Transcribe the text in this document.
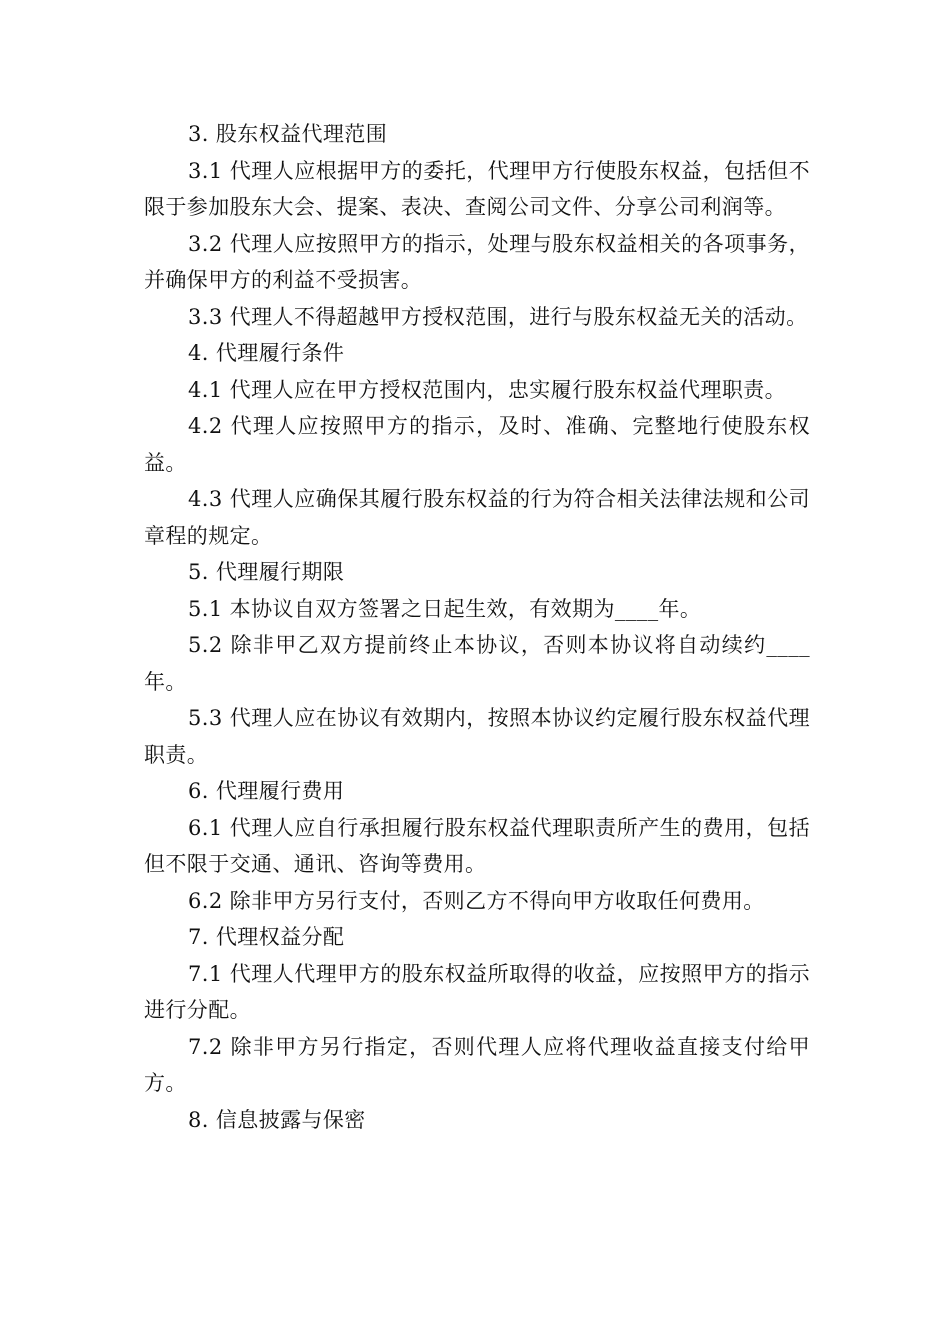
3. 股东权益代理范围

3.1 代理人应根据甲方的委托，代理甲方行使股东权益，包括但不限于参加股东大会、提案、表决、查阅公司文件、分享公司利润等。

3.2 代理人应按照甲方的指示，处理与股东权益相关的各项事务，并确保甲方的利益不受损害。

3.3 代理人不得超越甲方授权范围，进行与股东权益无关的活动。

4. 代理履行条件

4.1 代理人应在甲方授权范围内，忠实履行股东权益代理职责。

4.2 代理人应按照甲方的指示，及时、准确、完整地行使股东权益。

4.3 代理人应确保其履行股东权益的行为符合相关法律法规和公司章程的规定。

5. 代理履行期限

5.1 本协议自双方签署之日起生效，有效期为____年。

5.2 除非甲乙双方提前终止本协议，否则本协议将自动续约____年。

5.3 代理人应在协议有效期内，按照本协议约定履行股东权益代理职责。

6. 代理履行费用

6.1 代理人应自行承担履行股东权益代理职责所产生的费用，包括但不限于交通、通讯、咨询等费用。

6.2 除非甲方另行支付，否则乙方不得向甲方收取任何费用。

7. 代理权益分配

7.1 代理人代理甲方的股东权益所取得的收益，应按照甲方的指示进行分配。

7.2 除非甲方另行指定，否则代理人应将代理收益直接支付给甲方。

8. 信息披露与保密
